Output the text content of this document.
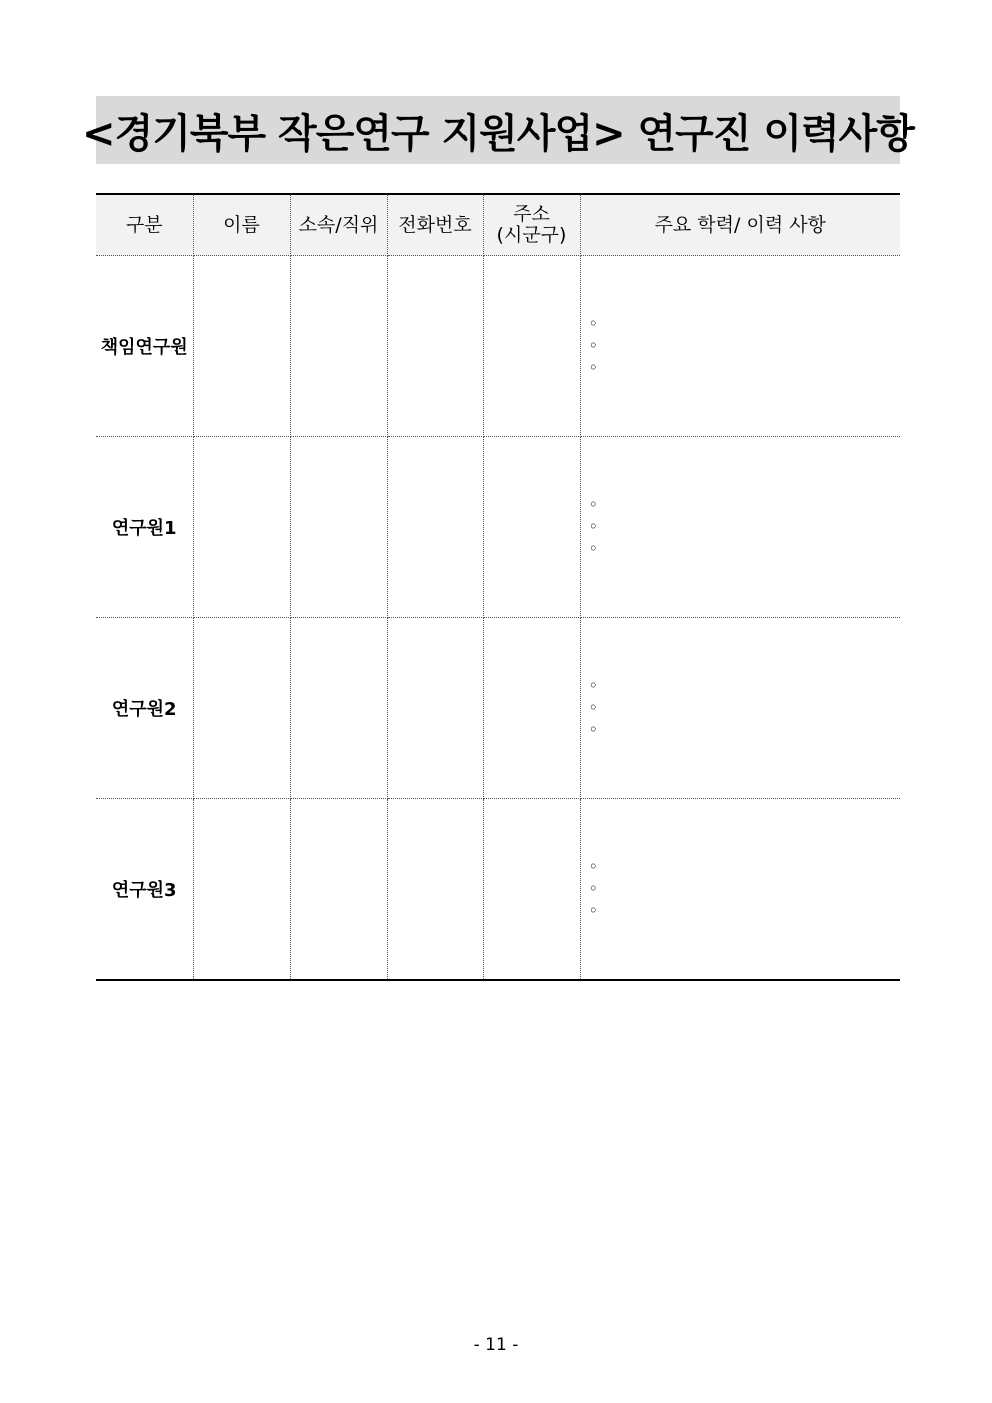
<경기북부 작은연구 지원사업> 연구진 이력사항
구분	이름	소속/직위	전화번호	주소
(시군구)	주요 학력/ 이력 사항
책임연구원					◦
◦
◦

연구원1					◦
◦
◦

연구원2					◦
◦
◦

연구원3					◦
◦
◦
- 11 -
